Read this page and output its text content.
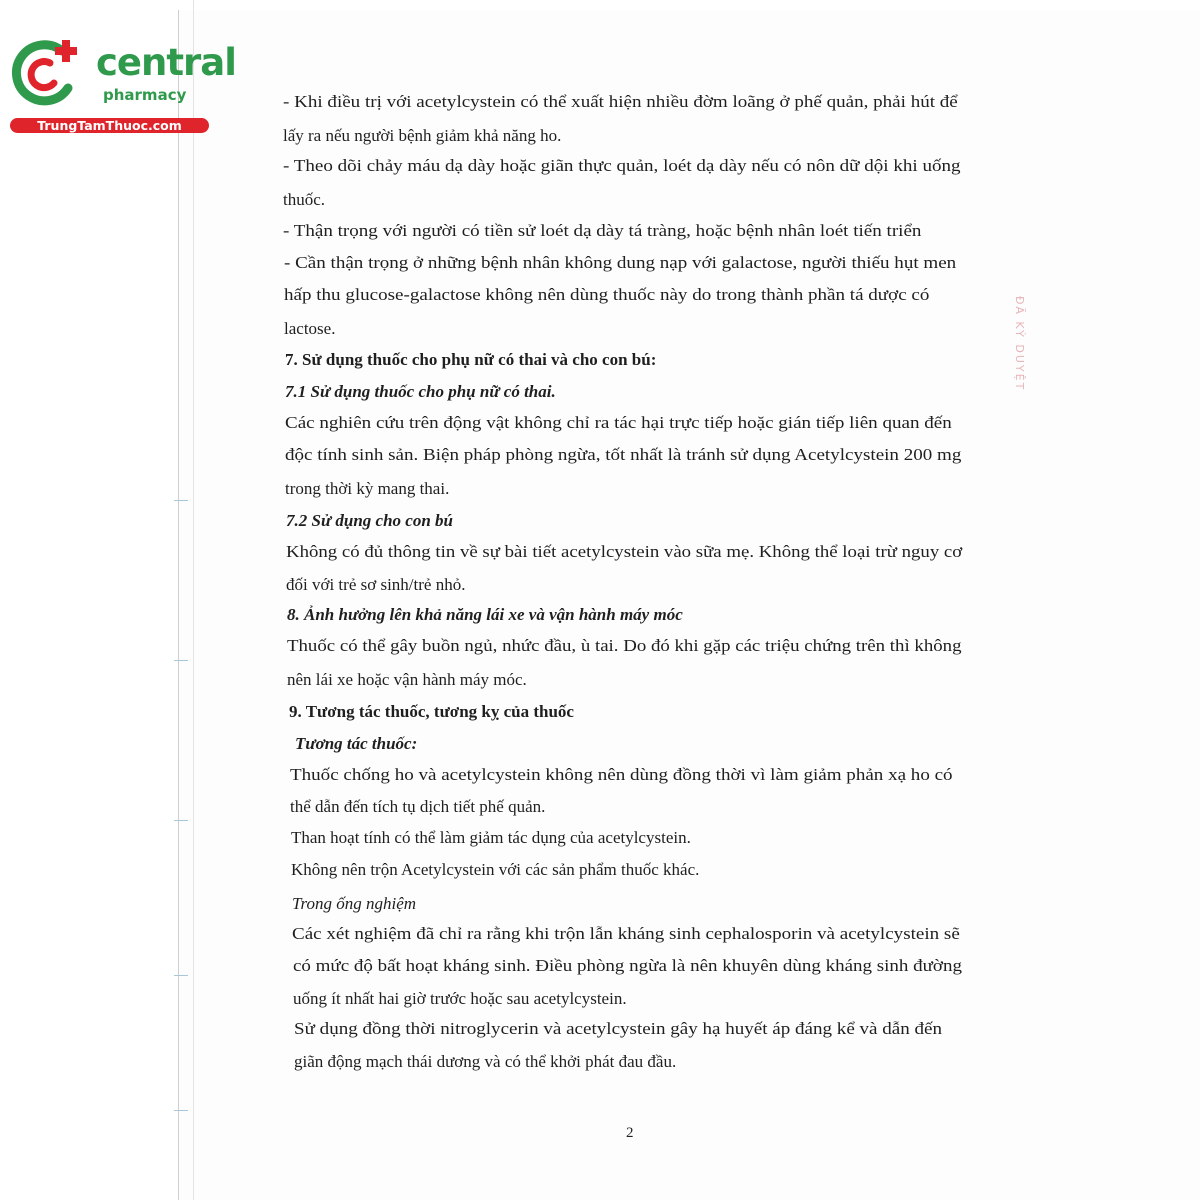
ĐÃ KÝ DUYỆT
central
pharmacy
TrungTamThuoc.com

- Khi điều trị với acetylcystein có thể xuất hiện nhiều đờm loãng ở phế quản, phải hút để

lấy ra nếu người bệnh giảm khả năng ho.

- Theo dõi chảy máu dạ dày hoặc giãn thực quản, loét dạ dày nếu có nôn dữ dội khi uống

thuốc.

- Thận trọng với người có tiền sử loét dạ dày tá tràng, hoặc bệnh nhân loét tiến triển

- Cần thận trọng ở những bệnh nhân không dung nạp với galactose, người thiếu hụt men

hấp thu glucose-galactose không nên dùng thuốc này do trong thành phần tá dược có

lactose.

7. Sử dụng thuốc cho phụ nữ có thai và cho con bú:

7.1 Sử dụng thuốc cho phụ nữ có thai.

Các nghiên cứu trên động vật không chỉ ra tác hại trực tiếp hoặc gián tiếp liên quan đến

độc tính sinh sản. Biện pháp phòng ngừa, tốt nhất là tránh sử dụng Acetylcystein 200 mg

trong thời kỳ mang thai.

7.2 Sử dụng cho con bú

Không có đủ thông tin về sự bài tiết acetylcystein vào sữa mẹ. Không thể loại trừ nguy cơ

đối với trẻ sơ sinh/trẻ nhỏ.

8. Ảnh hưởng lên khả năng lái xe và vận hành máy móc

Thuốc có thể gây buồn ngủ, nhức đầu, ù tai. Do đó khi gặp các triệu chứng trên thì không

nên lái xe hoặc vận hành máy móc.

9. Tương tác thuốc, tương kỵ của thuốc

Tương tác thuốc:

Thuốc chống ho và acetylcystein không nên dùng đồng thời vì làm giảm phản xạ ho có

thể dẫn đến tích tụ dịch tiết phế quản.

Than hoạt tính có thể làm giảm tác dụng của acetylcystein.

Không nên trộn Acetylcystein với các sản phẩm thuốc khác.

Trong ống nghiệm

Các xét nghiệm đã chỉ ra rằng khi trộn lẫn kháng sinh cephalosporin và acetylcystein sẽ

có mức độ bất hoạt kháng sinh. Điều phòng ngừa là nên khuyên dùng kháng sinh đường

uống ít nhất hai giờ trước hoặc sau acetylcystein.

Sử dụng đồng thời nitroglycerin và acetylcystein gây hạ huyết áp đáng kể và dẫn đến

giãn động mạch thái dương và có thể khởi phát đau đầu.

2
